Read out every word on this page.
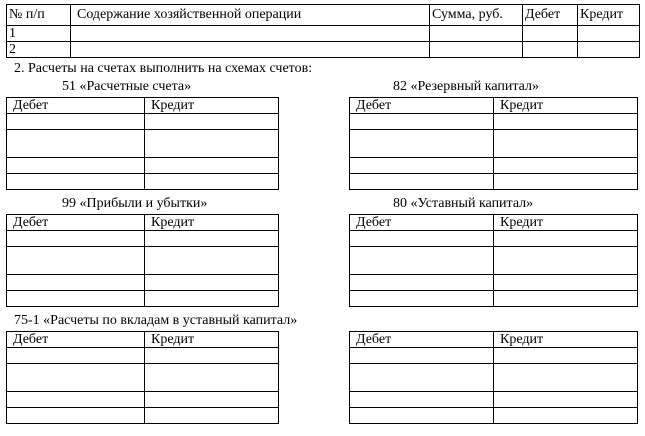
№ п/п	Содержание хозяйственной операции	Сумма, руб.	Дебет	Кредит
1				
2				
2. Расчеты на счетах выполнить на схемах счетов:
51 «Расчетные счета»
Дебет	Кредит

82 «Резервный капитал»
Дебет	Кредит

99 «Прибыли и убытки»
Дебет	Кредит

80 «Уставный капитал»
Дебет	Кредит

75-1 «Расчеты по вкладам в уставный капитал»
Дебет	Кредит

		Дебет	Кредит
